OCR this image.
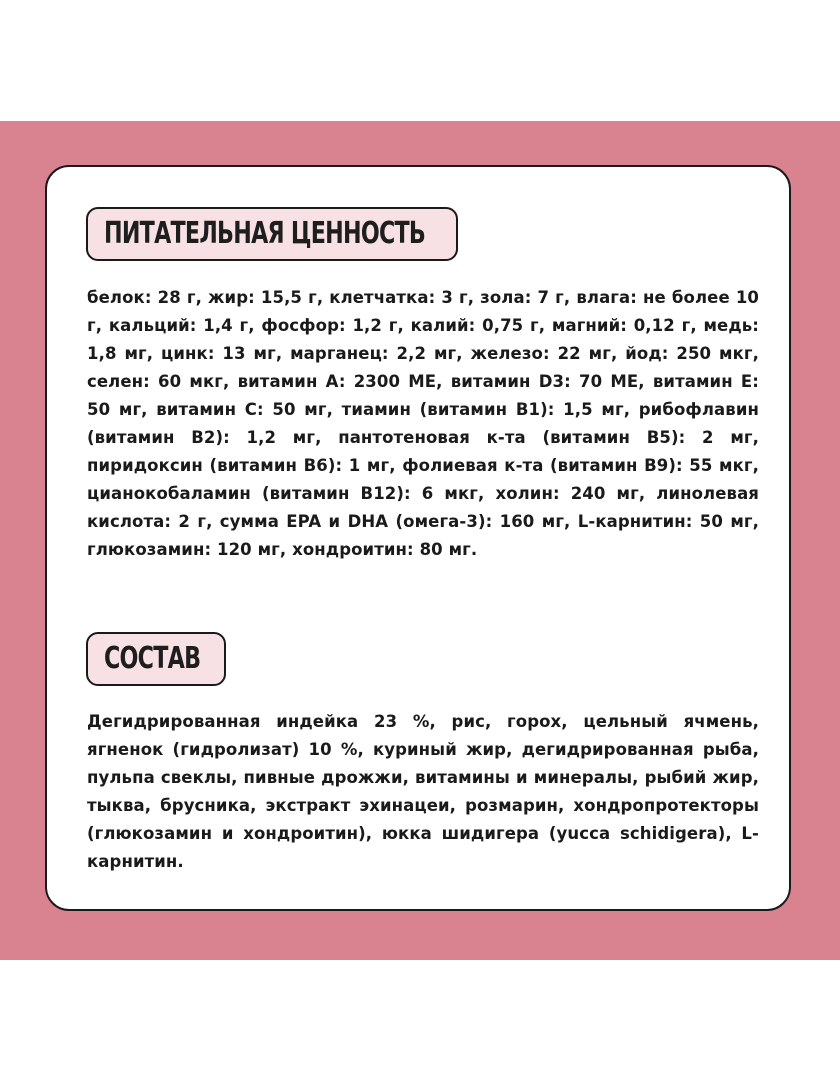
ПИТАТЕЛЬНАЯ ЦЕННОСТЬ

белок: 28 г, жир: 15,5 г, клетчатка: 3 г, зола: 7 г, влага: не более 10 г, кальций: 1,4 г, фосфор: 1,2 г, калий: 0,75 г, магний: 0,12 г, медь: 1,8 мг, цинк: 13 мг, марганец: 2,2 мг, железо: 22 мг, йод: 250 мкг, селен: 60 мкг, витамин A: 2300 МЕ, витамин D3: 70 МЕ, витамин E: 50 мг, витамин C: 50 мг, тиамин (витамин B1): 1,5 мг, рибофлавин (витамин B2): 1,2 мг, пантотеновая к-та (витамин B5): 2 мг, пиридоксин (витамин B6): 1 мг, фолиевая к-та (витамин B9): 55 мкг, цианокобаламин (витамин B12): 6 мкг, холин: 240 мг, линолевая кислота: 2 г, сумма EPA и DHA (омега-3): 160 мг, L-карнитин: 50 мг, глюкозамин: 120 мг, хондроитин: 80 мг.

СОСТАВ

Дегидрированная индейка 23 %, рис, горох, цельный ячмень, ягненок (гидролизат) 10 %, куриный жир, дегидрированная рыба, пульпа свеклы, пивные дрожжи, витамины и минералы, рыбий жир, тыква, брусника, экстракт эхинацеи, розмарин, хондропротекторы (глюкозамин и хондроитин), юкка шидигера (yucca schidigera), L-карнитин.
